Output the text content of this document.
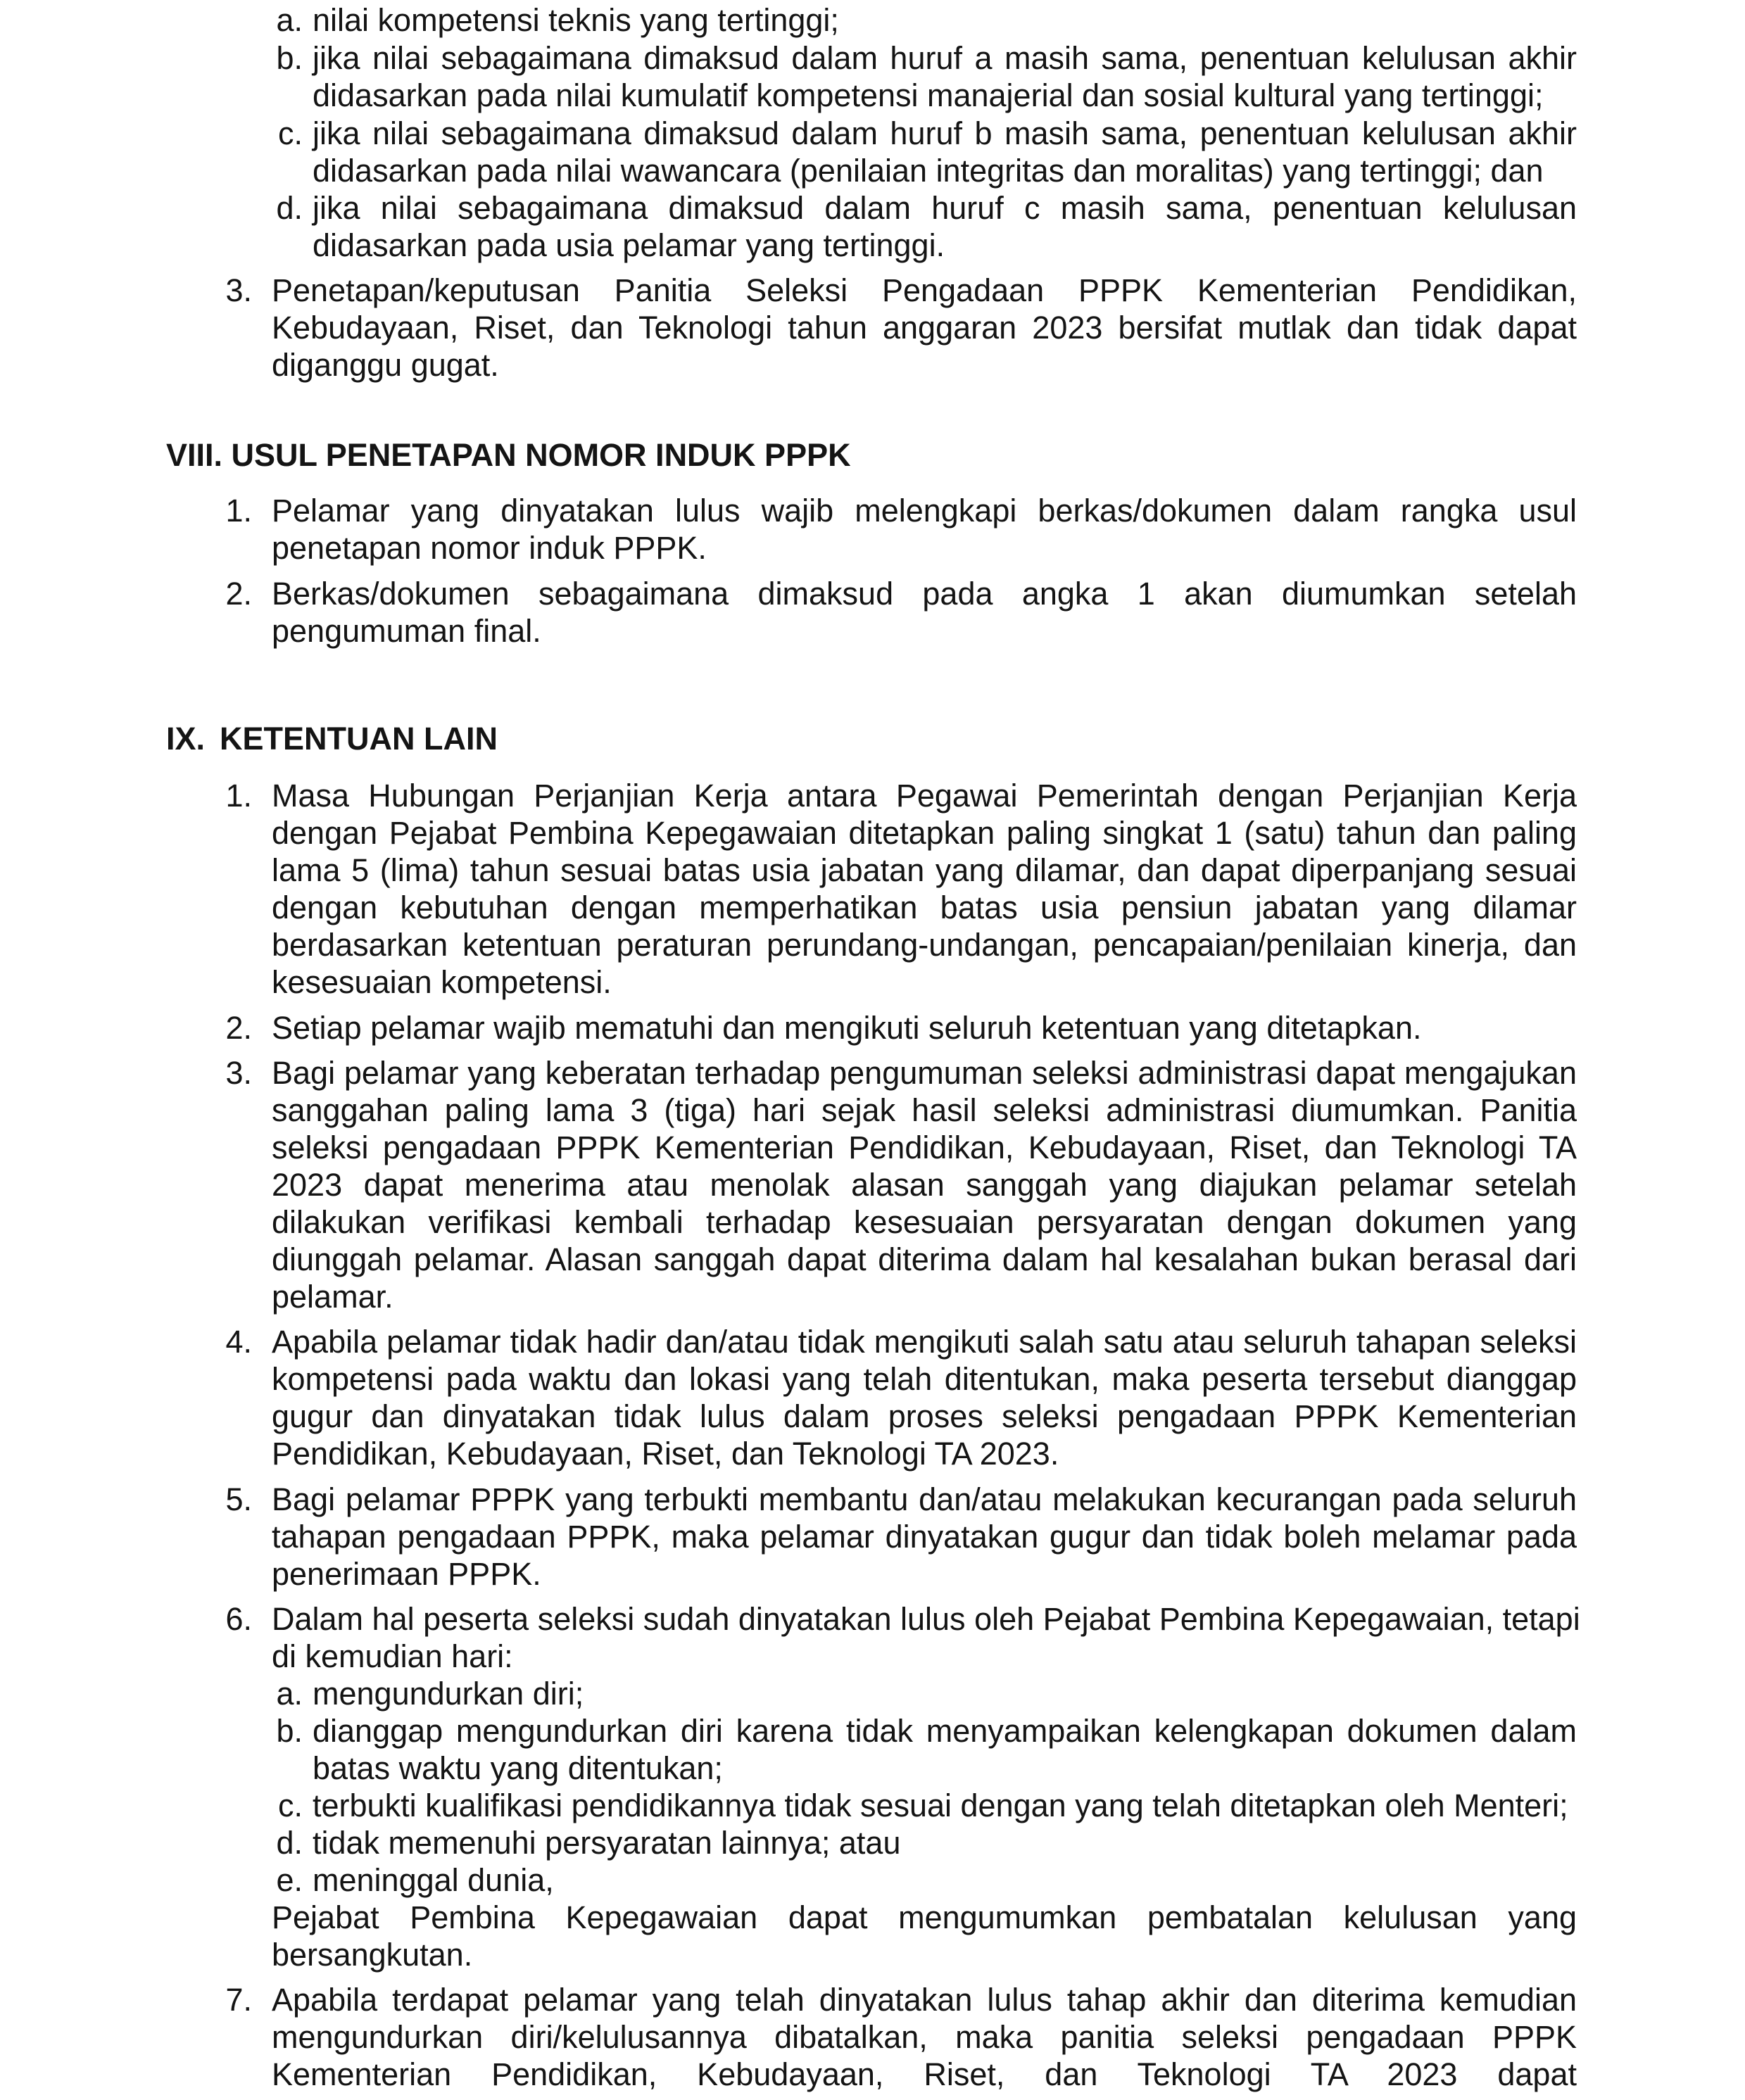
a. nilai kompetensi teknis yang tertinggi;

b. jika nilai sebagaimana dimaksud dalam huruf a masih sama, penentuan kelulusan akhir

didasarkan pada nilai kumulatif kompetensi manajerial dan sosial kultural yang tertinggi;

c. jika nilai sebagaimana dimaksud dalam huruf b masih sama, penentuan kelulusan akhir

didasarkan pada nilai wawancara (penilaian integritas dan moralitas) yang tertinggi; dan

d. jika nilai sebagaimana dimaksud dalam huruf c masih sama, penentuan kelulusan

didasarkan pada usia pelamar yang tertinggi.

3. Penetapan/keputusan Panitia Seleksi Pengadaan PPPK Kementerian Pendidikan,

Kebudayaan, Riset, dan Teknologi tahun anggaran 2023 bersifat mutlak dan tidak dapat

diganggu gugat.

VIII. USUL PENETAPAN NOMOR INDUK PPPK
1. Pelamar yang dinyatakan lulus wajib melengkapi berkas/dokumen dalam rangka usul

penetapan nomor induk PPPK.

2. Berkas/dokumen sebagaimana dimaksud pada angka 1 akan diumumkan setelah

pengumuman final.

IX. KETENTUAN LAIN
1. Masa Hubungan Perjanjian Kerja antara Pegawai Pemerintah dengan Perjanjian Kerja

dengan Pejabat Pembina Kepegawaian ditetapkan paling singkat 1 (satu) tahun dan paling

lama 5 (lima) tahun sesuai batas usia jabatan yang dilamar, dan dapat diperpanjang sesuai

dengan kebutuhan dengan memperhatikan batas usia pensiun jabatan yang dilamar

berdasarkan ketentuan peraturan perundang-undangan, pencapaian/penilaian kinerja, dan

kesesuaian kompetensi.

2. Setiap pelamar wajib mematuhi dan mengikuti seluruh ketentuan yang ditetapkan.

3. Bagi pelamar yang keberatan terhadap pengumuman seleksi administrasi dapat mengajukan

sanggahan paling lama 3 (tiga) hari sejak hasil seleksi administrasi diumumkan. Panitia

seleksi pengadaan PPPK Kementerian Pendidikan, Kebudayaan, Riset, dan Teknologi TA

2023 dapat menerima atau menolak alasan sanggah yang diajukan pelamar setelah

dilakukan verifikasi kembali terhadap kesesuaian persyaratan dengan dokumen yang

diunggah pelamar. Alasan sanggah dapat diterima dalam hal kesalahan bukan berasal dari

pelamar.

4. Apabila pelamar tidak hadir dan/atau tidak mengikuti salah satu atau seluruh tahapan seleksi

kompetensi pada waktu dan lokasi yang telah ditentukan, maka peserta tersebut dianggap

gugur dan dinyatakan tidak lulus dalam proses seleksi pengadaan PPPK Kementerian

Pendidikan, Kebudayaan, Riset, dan Teknologi TA 2023.

5. Bagi pelamar PPPK yang terbukti membantu dan/atau melakukan kecurangan pada seluruh

tahapan pengadaan PPPK, maka pelamar dinyatakan gugur dan tidak boleh melamar pada

penerimaan PPPK.

6. Dalam hal peserta seleksi sudah dinyatakan lulus oleh Pejabat Pembina Kepegawaian, tetapi

di kemudian hari:

a. mengundurkan diri;

b. dianggap mengundurkan diri karena tidak menyampaikan kelengkapan dokumen dalam

batas waktu yang ditentukan;

c. terbukti kualifikasi pendidikannya tidak sesuai dengan yang telah ditetapkan oleh Menteri;

d. tidak memenuhi persyaratan lainnya; atau

e. meninggal dunia,

Pejabat Pembina Kepegawaian dapat mengumumkan pembatalan kelulusan yang

bersangkutan.

7. Apabila terdapat pelamar yang telah dinyatakan lulus tahap akhir dan diterima kemudian

mengundurkan diri/kelulusannya dibatalkan, maka panitia seleksi pengadaan PPPK

Kementerian Pendidikan, Kebudayaan, Riset, dan Teknologi TA 2023 dapat
